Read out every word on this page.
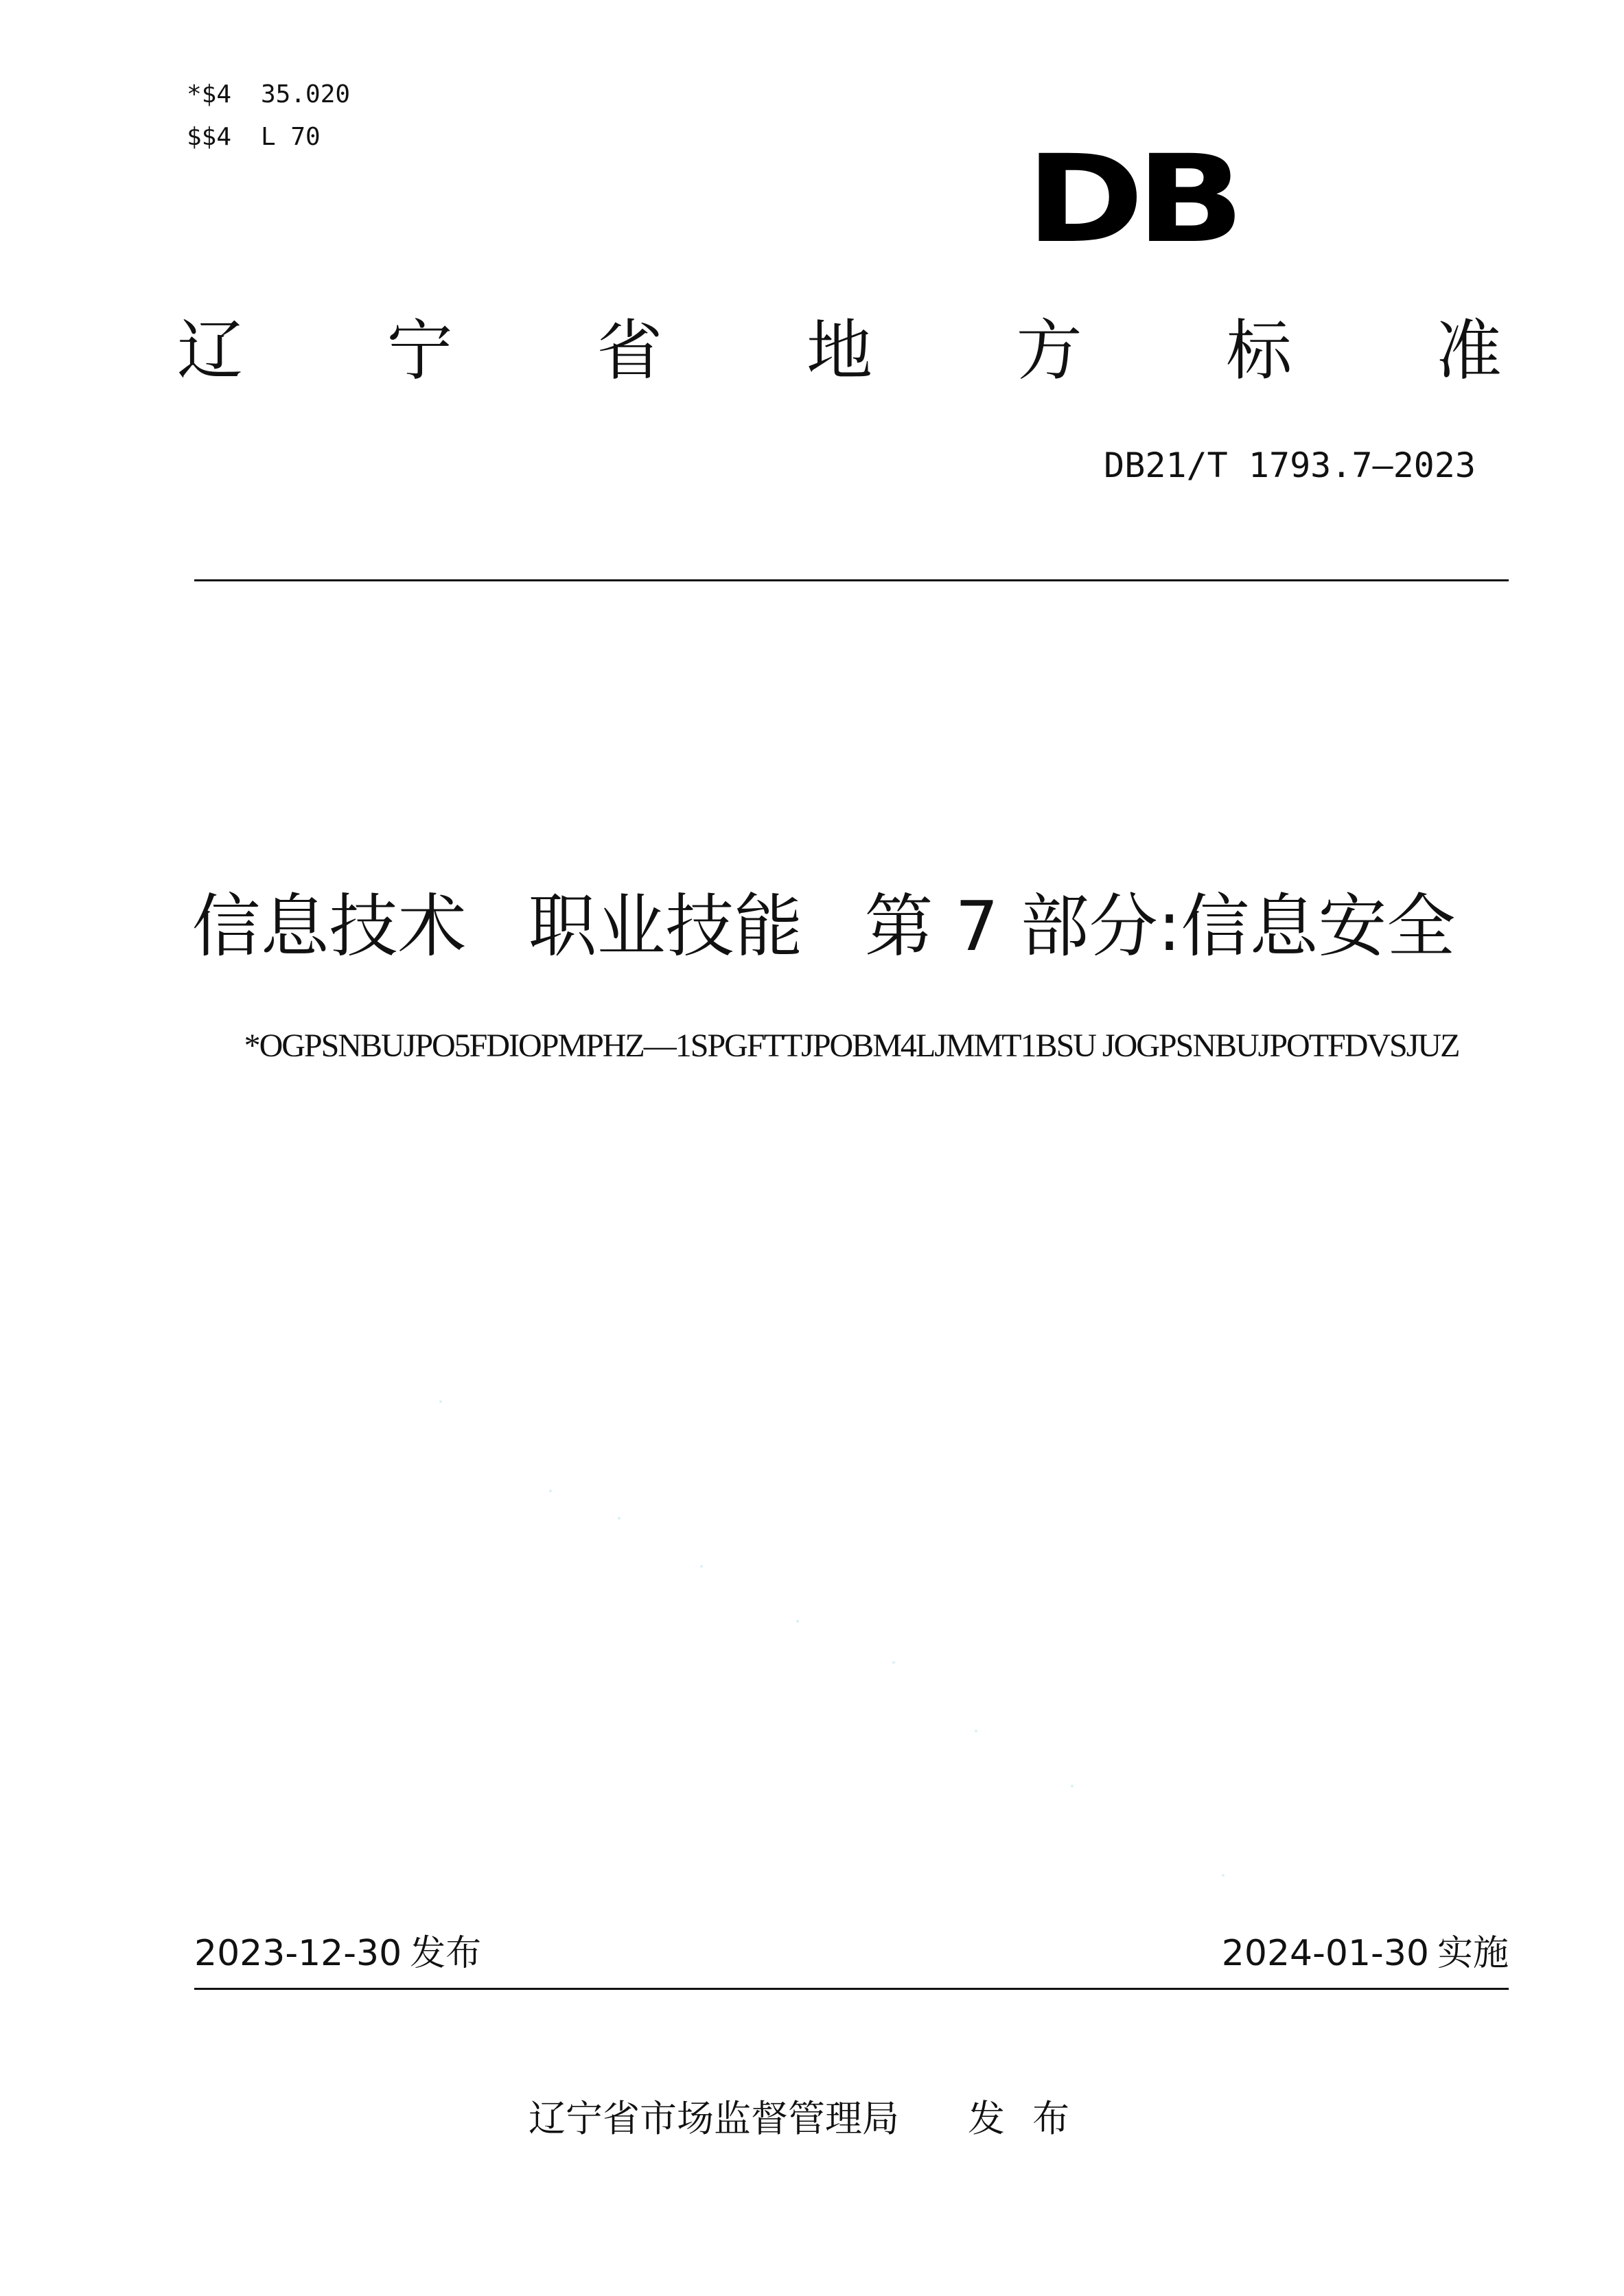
*$4 35.020
$$4 L 70	DB
辽 宁 省 地 方 标 准
DB21/T 1793.7—2023
信息技术 职业技能 第 7 部分:信息安全
*OGPSNBUJPO5FDIOPMPHZ—1SPGFTTJPOBM4LJMMT1BSU JOGPSNBUJPOTFDVSJUZ
2023-12-30 发布	2024-01-30 实施
辽宁省市场监督管理局 发 布
